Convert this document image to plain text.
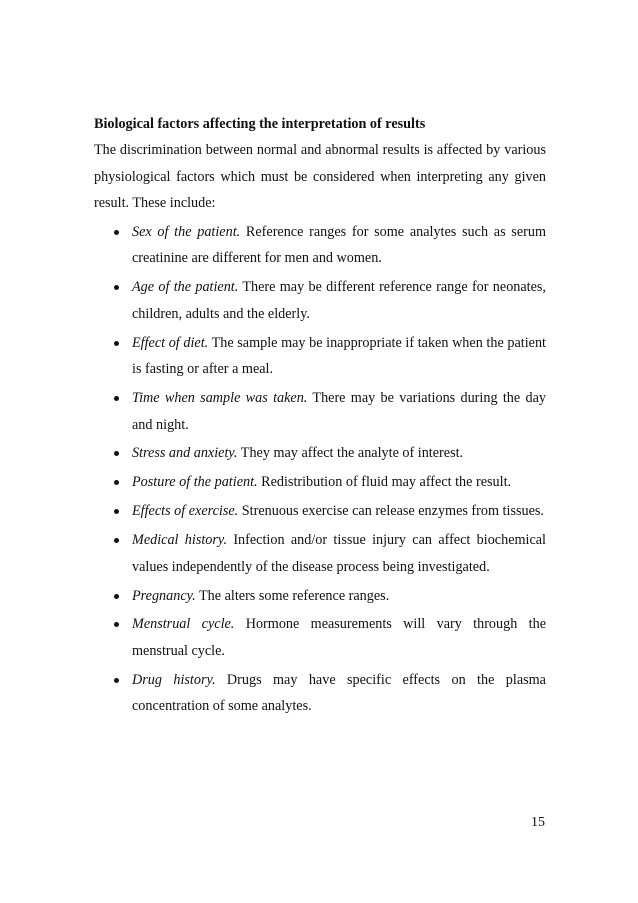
Biological factors affecting the interpretation of results

The discrimination between normal and abnormal results is affected by various physiological factors which must be considered when interpreting any given result. These include:

Sex of the patient. Reference ranges for some analytes such as serum creatinine are different for men and women.
Age of the patient. There may be different reference range for neonates, children, adults and the elderly.
Effect of diet. The sample may be inappropriate if taken when the patient is fasting or after a meal.
Time when sample was taken. There may be variations during the day and night.
Stress and anxiety. They may affect the analyte of interest.
Posture of the patient. Redistribution of fluid may affect the result.
Effects of exercise. Strenuous exercise can release enzymes from tissues.
Medical history. Infection and/or tissue injury can affect biochemical values independently of the disease process being investigated.
Pregnancy. The alters some reference ranges.
Menstrual cycle. Hormone measurements will vary through the menstrual cycle.
Drug history. Drugs may have specific effects on the plasma concentration of some analytes.
15
